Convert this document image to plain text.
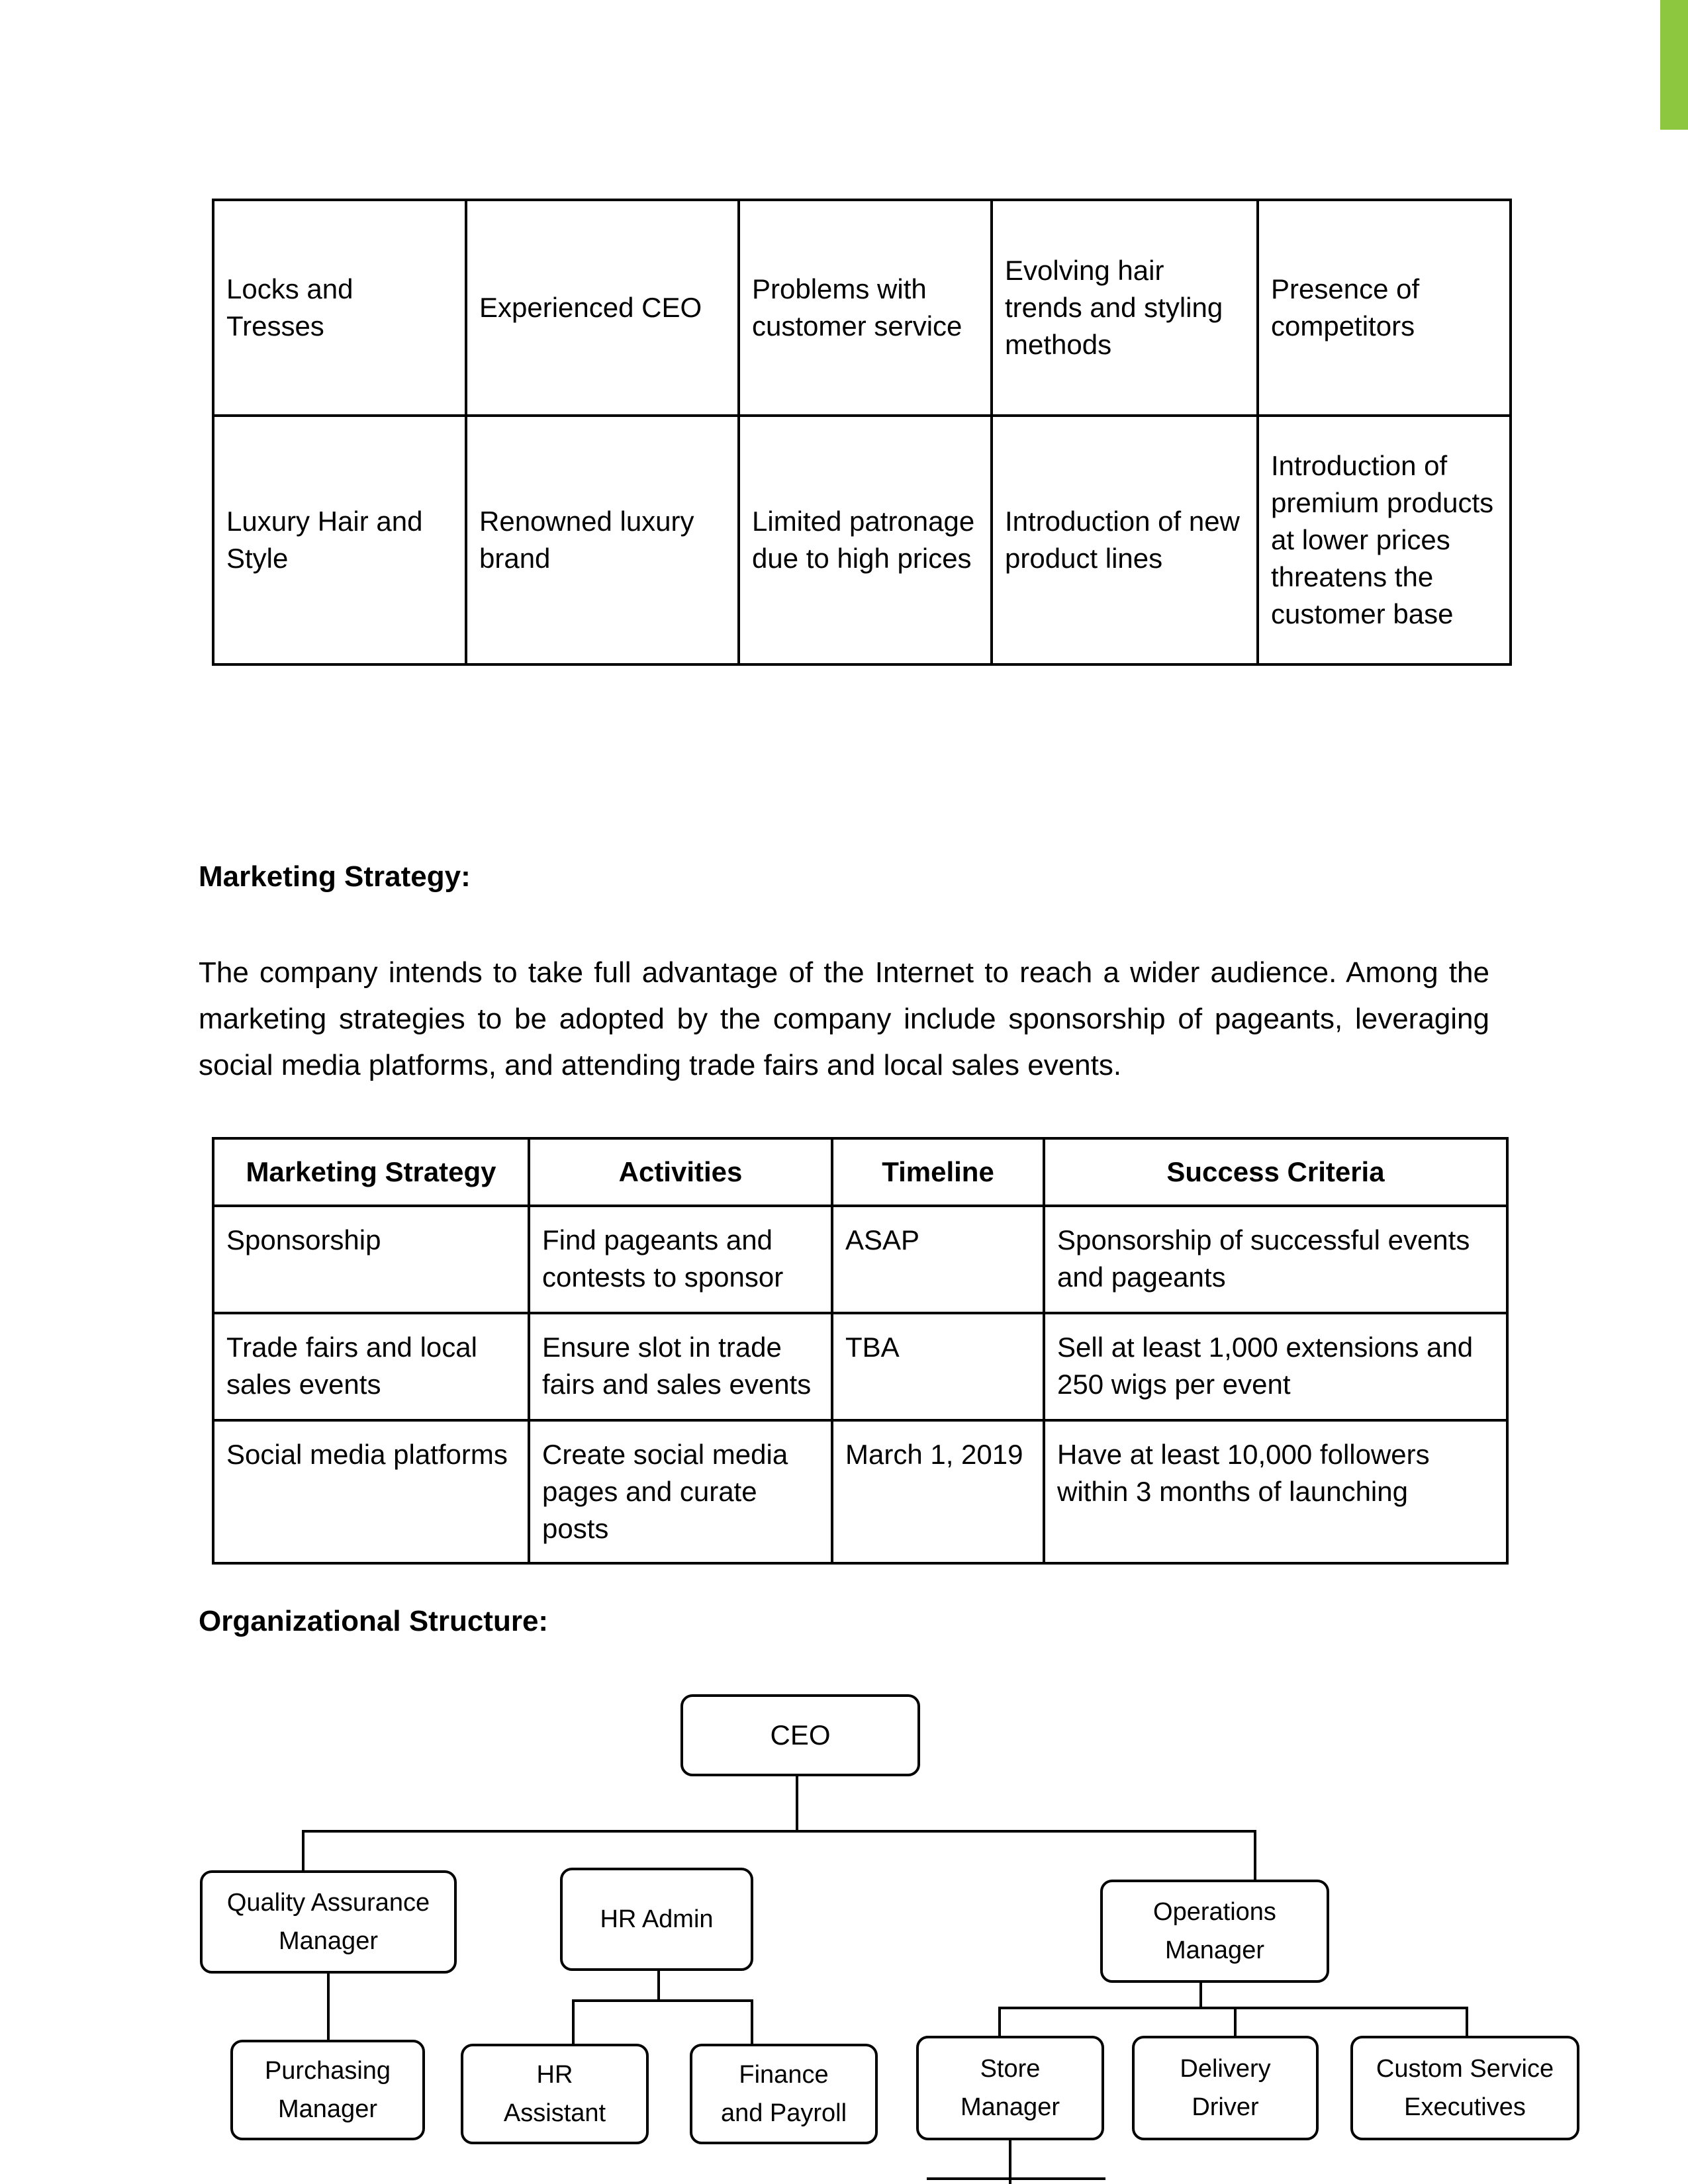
Locks and Tresses	Experienced CEO	Problems with customer service	Evolving hair trends and styling methods	Presence of competitors
Luxury Hair and Style	Renowned luxury brand	Limited patronage due to high prices	Introduction of new product lines	Introduction of premium products at lower prices threatens the customer base
Marketing Strategy:

The company intends to take full advantage of the Internet to reach a wider audience. Among the marketing strategies to be adopted by the company include sponsorship of pageants, leveraging social media platforms, and attending trade fairs and local sales events.

Marketing Strategy	Activities	Timeline	Success Criteria
Sponsorship	Find pageants and contests to sponsor	ASAP	Sponsorship of successful events and pageants
Trade fairs and local sales events	Ensure slot in trade fairs and sales events	TBA	Sell at least 1,000 extensions and 250 wigs per event
Social media platforms	Create social media pages and curate posts	March 1, 2019	Have at least 10,000 followers within 3 months of launching
Organizational Structure:
CEO
Quality Assurance
Manager
HR Admin	Operations
Manager
Purchasing
Manager
HR
Assistant
Finance
and Payroll
Store
Manager
Delivery
Driver
Custom Service
Executives
